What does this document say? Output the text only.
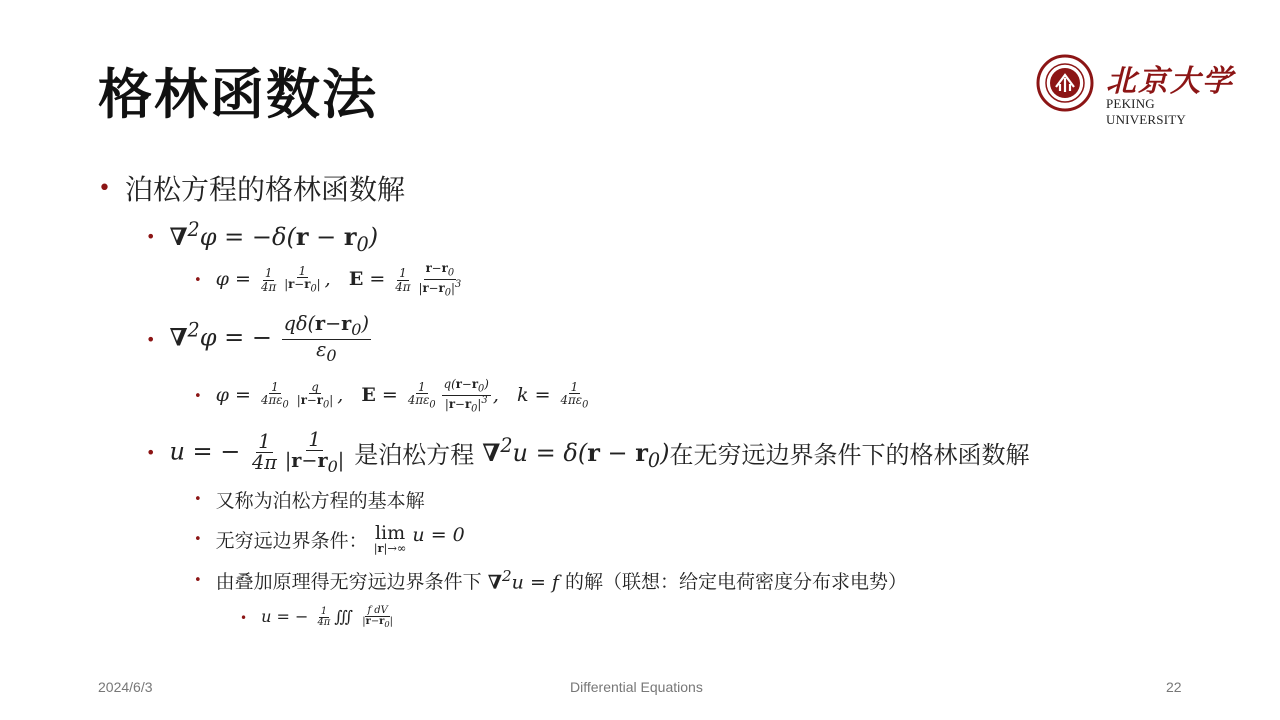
格林函数法	北京大学
PEKING UNIVERSITY
• 泊松方程的格林函数解
• $\nabla^2\varphi = -\delta(r - r_0)$
• $\varphi = \frac{1}{4\pi} \frac{1}{|r-r_0|}$ ,   $E = \frac{1}{4\pi} \frac{r-r_0}{|r-r_0|^3}$
• ∇$^2$φ = − $\frac{q\delta(r-r_0)}{\varepsilon_0}$
• $\varphi = \frac{1}{4\pi\varepsilon_0} \frac{q}{|r-r_0|}$ ,   $E = \frac{1}{4\pi\varepsilon_0} \frac{q(r-r_0)}{|r-r_0|^3}$ ,   $k = \frac{1}{4\pi\varepsilon_0}$
• u = − $\frac{1}{4\pi} \frac{1}{|r-r_0|}$ 是泊松方程 $\nabla^2u = \delta(r - r_0)$ 在无穷远边界条件下的格林函数解
• 又称为泊松方程的基本解
• 无穷远边界条件： lim
|r|→∞
u = 0
• 由叠加原理得无穷远边界条件下 ∇$^2$u = f 的解 （联想：给定电荷密度分布求电势）
• u = − $\frac{1}{4\pi}$ ∭ $\frac{\text{f dV}}{|r-r_0|}$
2024/6/3	Differential Equations	22
